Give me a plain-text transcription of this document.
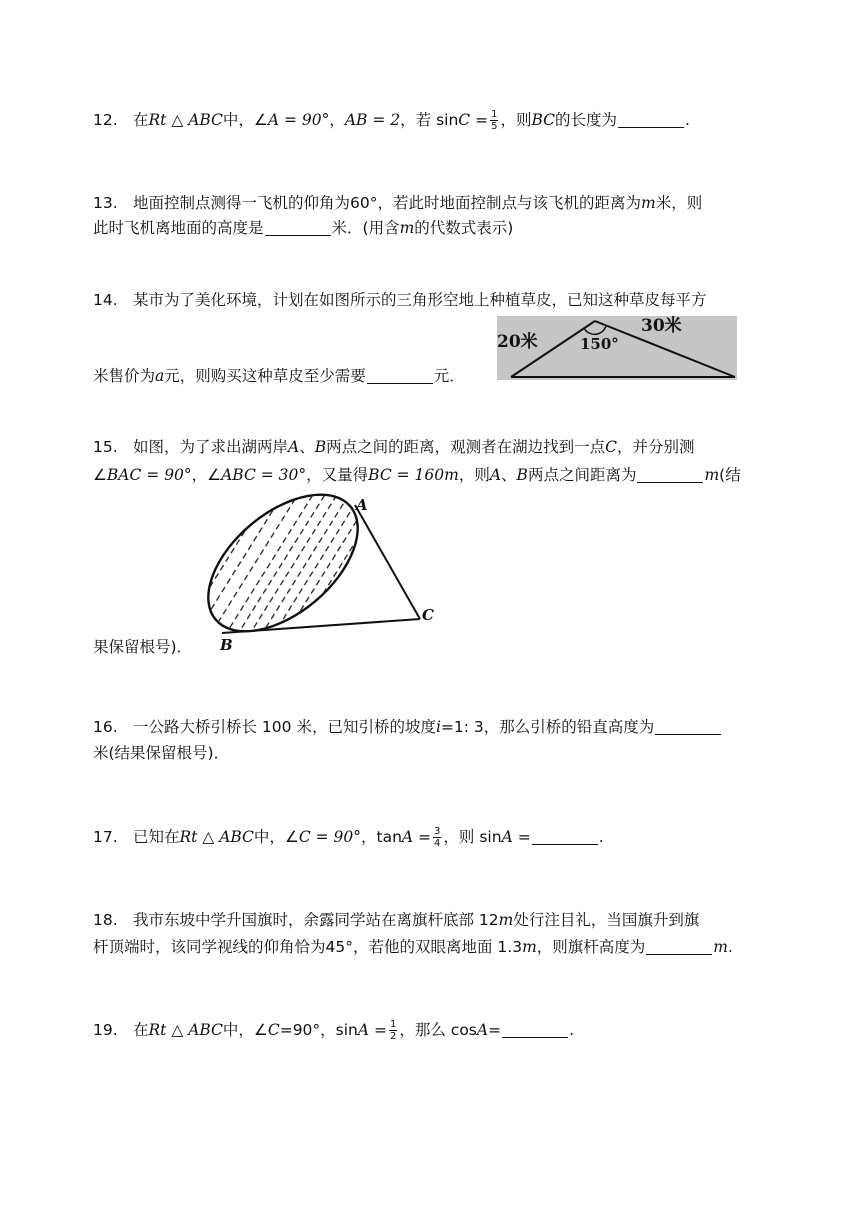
12. 在Rt △ ABC中，∠A = 90°，AB = 2，若 $\sin C = \frac{1}{5}$ ，则BC的长度为	.
13. 地面控制点测得一飞机的仰角为60°，若此时地面控制点与该飞机的距离为m米，则
此时飞机离地面的高度是	米．(用含m的代数式表示)
14. 某市为了美化环境，计划在如图所示的三角形空地上种植草皮，已知这种草皮每平方
米售价为a元，则购买这种草皮至少需要	元．
20米
30米
150°
15. 如图，为了求出湖两岸A、B两点之间的距离，观测者在湖边找到一点C，并分别测
∠BAC = 90°，∠ABC = 30°，又量得BC = 160m，则A、B两点之间距离为	m(结
果保留根号)．
A
B
C
16. 一公路大桥引桥长 100 米，已知引桥的坡度i=1: 3，那么引桥的铅直高度为
米(结果保留根号)．
17. 已知在Rt △ ABC中，∠C = 90°，$\tan A = \frac{3}{4}$ ，则 sinA =	.
18. 我市东坡中学升国旗时，余露同学站在离旗杆底部 12m处行注目礼，当国旗升到旗
杆顶端时，该同学视线的仰角恰为45°，若他的双眼离地面 1.3m，则旗杆高度为	m.
19. 在Rt △ ABC中，∠C=90°，$\sin A = \frac{1}{2}$ ，那么 cosA=	.
